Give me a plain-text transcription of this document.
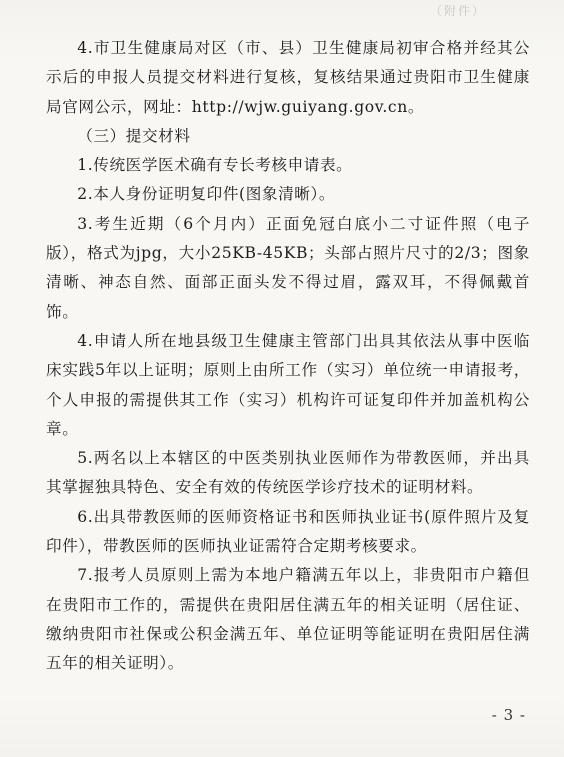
（附件）

4.市卫生健康局对区（市、县）卫生健康局初审合格并经其公示后的申报人员提交材料进行复核，复核结果通过贵阳市卫生健康局官网公示，网址：http://wjw.guiyang.gov.cn。

（三）提交材料

1.传统医学医术确有专长考核申请表。

2.本人身份证明复印件(图象清晰）。

3.考生近期（6个月内）正面免冠白底小二寸证件照（电子版），格式为jpg，大小25KB-45KB；头部占照片尺寸的2/3；图象清晰、神态自然、面部正面头发不得过眉，露双耳，不得佩戴首饰。

4.申请人所在地县级卫生健康主管部门出具其依法从事中医临床实践5年以上证明；原则上由所工作（实习）单位统一申请报考，个人申报的需提供其工作（实习）机构许可证复印件并加盖机构公章。

5.两名以上本辖区的中医类别执业医师作为带教医师，并出具其掌握独具特色、安全有效的传统医学诊疗技术的证明材料。

6.出具带教医师的医师资格证书和医师执业证书(原件照片及复印件），带教医师的医师执业证需符合定期考核要求。

7.报考人员原则上需为本地户籍满五年以上，非贵阳市户籍但在贵阳市工作的，需提供在贵阳居住满五年的相关证明（居住证、缴纳贵阳市社保或公积金满五年、单位证明等能证明在贵阳居住满五年的相关证明）。

- 3 -
